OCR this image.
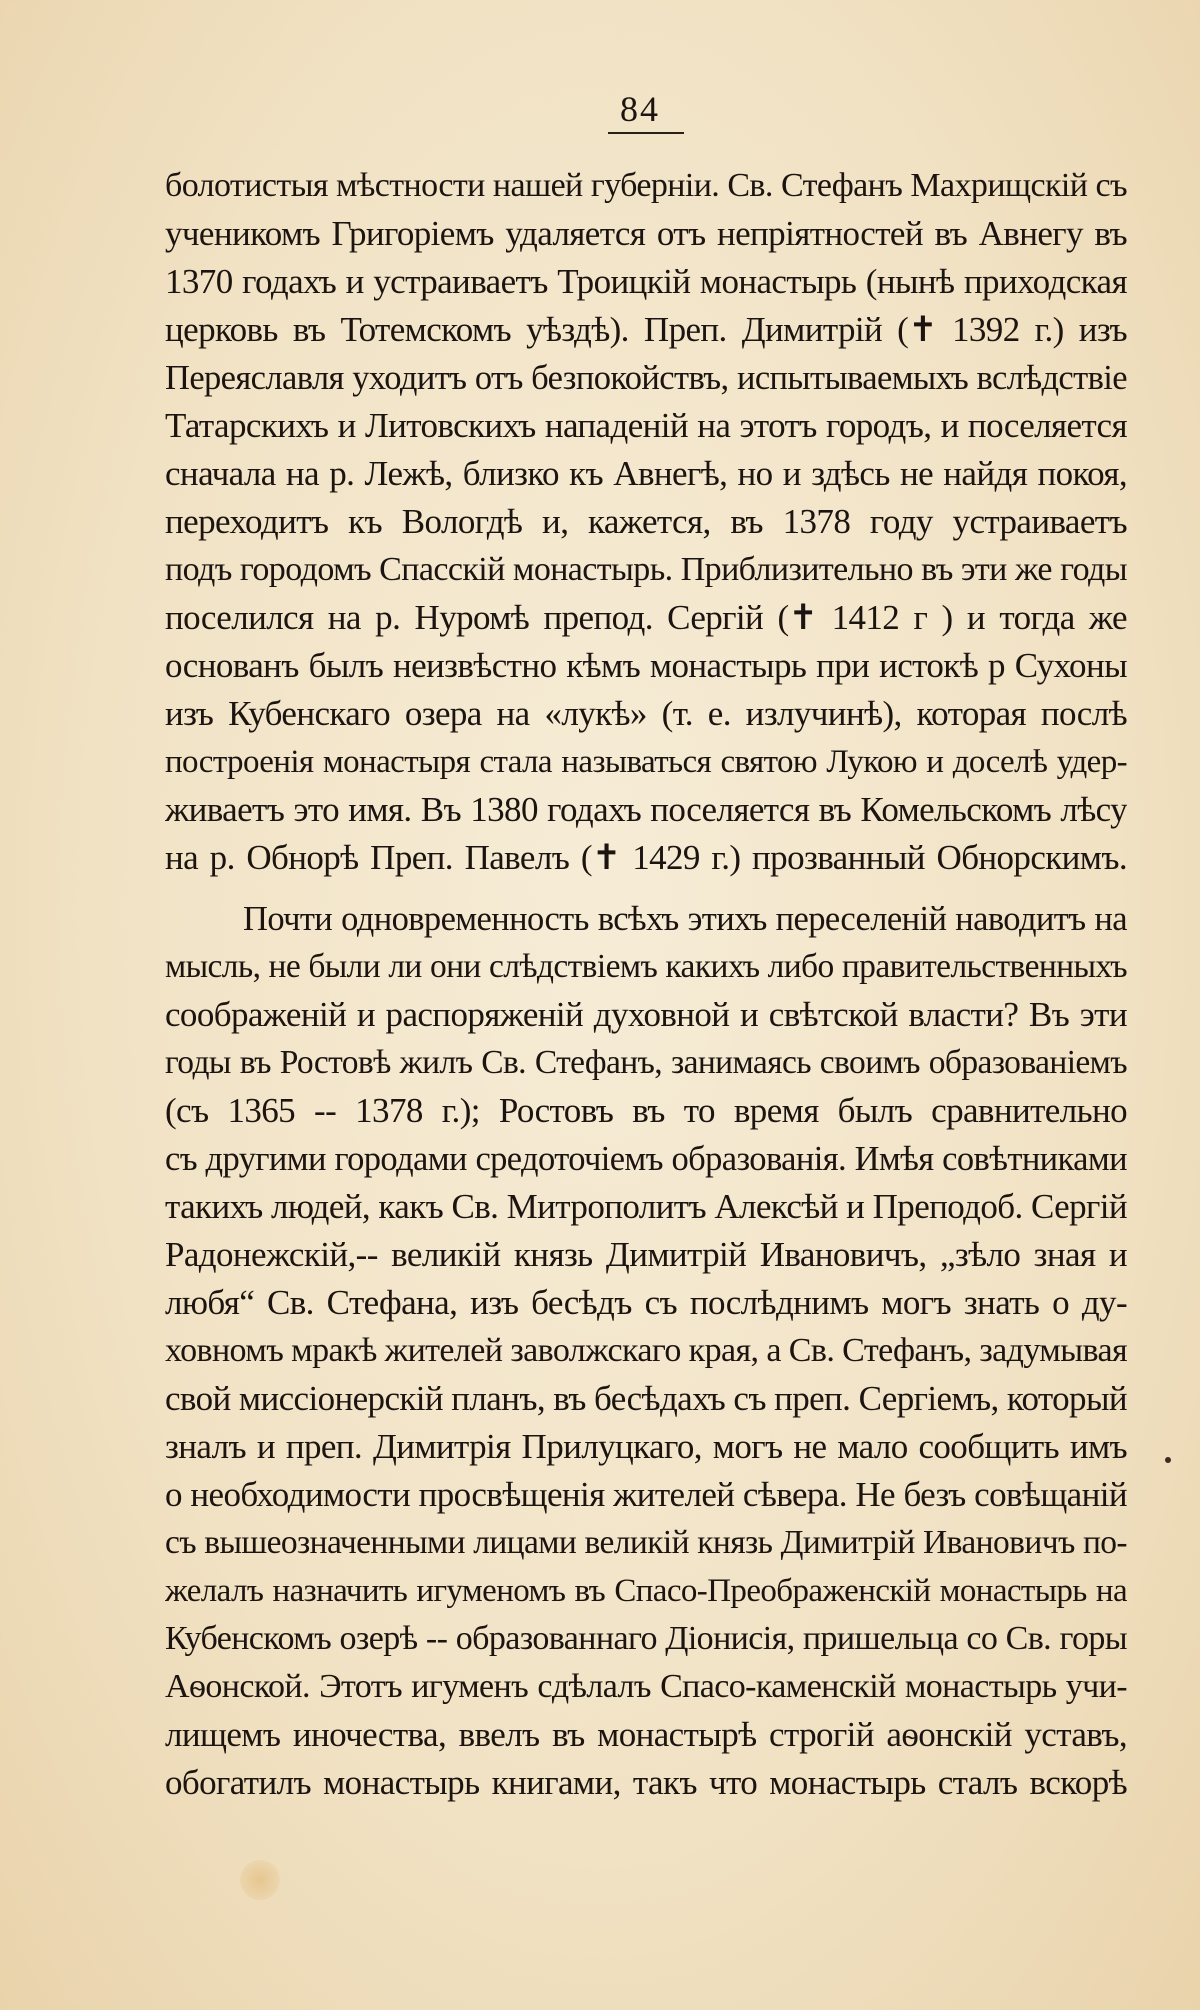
84
болотистыя мѣстности нашей губерніи. Св. Стефанъ Махрищскій съ
ученикомъ Григоріемъ удаляется отъ непріятностей въ Авнегу въ
1370 годахъ и устраиваетъ Троицкій монастырь (нынѣ приходская
церковь въ Тотемскомъ уѣздѣ). Преп. Димитрій (✝ 1392 г.) изъ
Переяславля уходитъ отъ безпокойствъ, испытываемыхъ вслѣдствіе
Татарскихъ и Литовскихъ нападеній на этотъ городъ, и поселяется
сначала на р. Лежѣ, близко къ Авнегѣ, но и здѣсь не найдя покоя,
переходитъ къ Вологдѣ и, кажется, въ 1378 году устраиваетъ
подъ городомъ Спасскій монастырь. Приблизительно въ эти же годы
поселился на р. Нуромѣ препод. Сергій (✝ 1412 г ) и тогда же
основанъ былъ неизвѣстно кѣмъ монастырь при истокѣ р Сухоны
изъ Кубенскаго озера на «лукѣ» (т. е. излучинѣ), которая послѣ
построенія монастыря стала называться святою Лукою и доселѣ удер-
живаетъ это имя. Въ 1380 годахъ поселяется въ Комельскомъ лѣсу
на р. Обнорѣ Преп. Павелъ (✝ 1429 г.) прозванный Обнорскимъ.
Почти одновременность всѣхъ этихъ переселеній наводитъ на
мысль, не были ли они слѣдствіемъ какихъ либо правительственныхъ
соображеній и распоряженій духовной и свѣтской власти? Въ эти
годы въ Ростовѣ жилъ Св. Стефанъ, занимаясь своимъ образованіемъ
(съ 1365 -- 1378 г.); Ростовъ въ то время былъ сравнительно
съ другими городами средоточіемъ образованія. Имѣя совѣтниками
такихъ людей, какъ Св. Митрополитъ Алексѣй и Преподоб. Сергій
Радонежскій,-- великій князь Димитрій Ивановичъ, „зѣло зная и
любя“ Св. Стефана, изъ бесѣдъ съ послѣднимъ могъ знать о ду-
ховномъ мракѣ жителей заволжскаго края, а Св. Стефанъ, задумывая
свой миссіонерскій планъ, въ бесѣдахъ съ преп. Сергіемъ, который
зналъ и преп. Димитрія Прилуцкаго, могъ не мало сообщить имъ
о необходимости просвѣщенія жителей сѣвера. Не безъ совѣщаній
съ вышеозначенными лицами великій князь Димитрій Ивановичъ по-
желалъ назначить игуменомъ въ Спасо-Преображенскій монастырь на
Кубенскомъ озерѣ -- образованнаго Діонисія, пришельца со Св. горы
Аѳонской. Этотъ игуменъ сдѣлалъ Спасо-каменскій монастырь учи-
лищемъ иночества, ввелъ въ монастырѣ строгій аѳонскій уставъ,
обогатилъ монастырь книгами, такъ что монастырь сталъ вскорѣ
